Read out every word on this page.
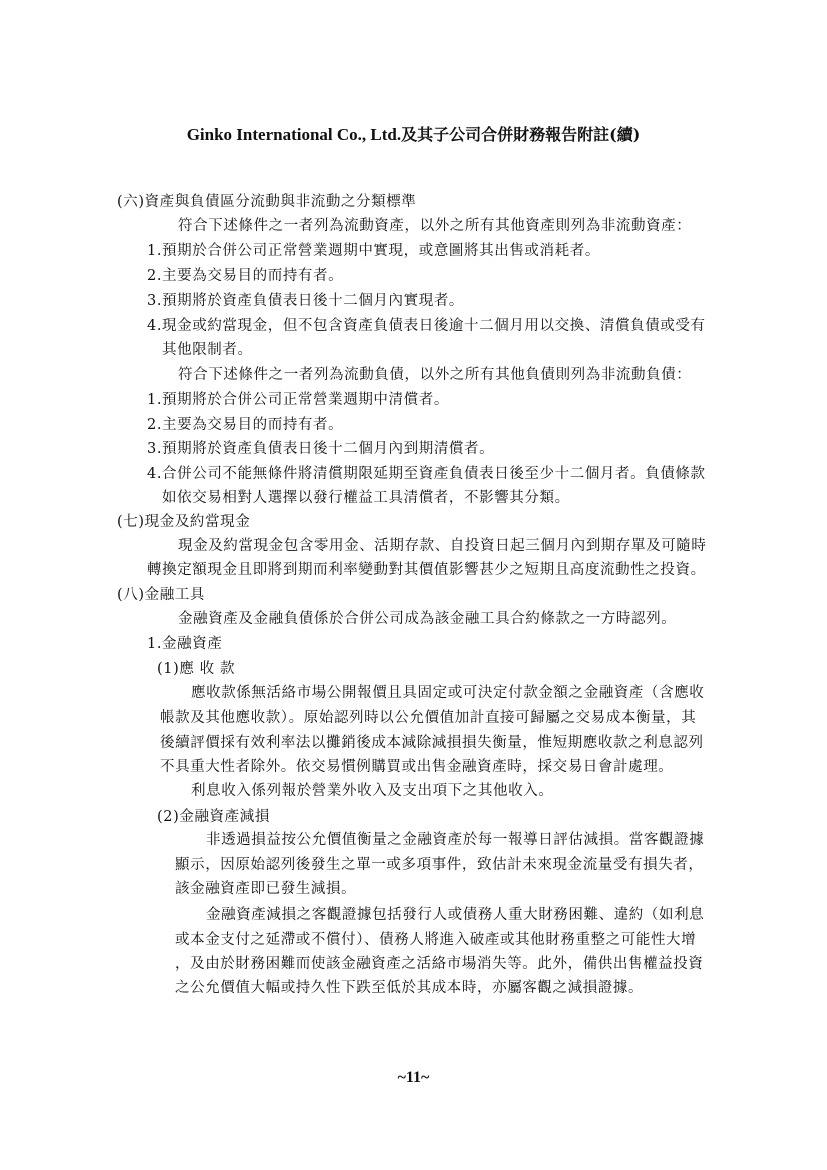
Ginko International Co., Ltd.及其子公司合併財務報告附註(續)
(六)資產與負債區分流動與非流動之分類標準
符合下述條件之一者列為流動資產，以外之所有其他資產則列為非流動資產：
1.預期於合併公司正常營業週期中實現，或意圖將其出售或消耗者。
2.主要為交易目的而持有者。
3.預期將於資產負債表日後十二個月內實現者。
4.現金或約當現金，但不包含資產負債表日後逾十二個月用以交換、清償負債或受有
其他限制者。
符合下述條件之一者列為流動負債，以外之所有其他負債則列為非流動負債：
1.預期將於合併公司正常營業週期中清償者。
2.主要為交易目的而持有者。
3.預期將於資產負債表日後十二個月內到期清償者。
4.合併公司不能無條件將清償期限延期至資產負債表日後至少十二個月者。負債條款
如依交易相對人選擇以發行權益工具清償者，不影響其分類。
(七)現金及約當現金
現金及約當現金包含零用金、活期存款、自投資日起三個月內到期存單及可隨時
轉換定額現金且即將到期而利率變動對其價值影響甚少之短期且高度流動性之投資。
(八)金融工具
金融資產及金融負債係於合併公司成為該金融工具合約條款之一方時認列。
1.金融資產
(1)應 收 款
應收款係無活絡市場公開報價且具固定或可決定付款金額之金融資產（含應收
帳款及其他應收款）。原始認列時以公允價值加計直接可歸屬之交易成本衡量，其
後續評價採有效利率法以攤銷後成本減除減損損失衡量，惟短期應收款之利息認列
不具重大性者除外。依交易慣例購買或出售金融資產時，採交易日會計處理。
利息收入係列報於營業外收入及支出項下之其他收入。
(2)金融資產減損
非透過損益按公允價值衡量之金融資產於每一報導日評估減損。當客觀證據
顯示，因原始認列後發生之單一或多項事件，致估計未來現金流量受有損失者，
該金融資產即已發生減損。
金融資產減損之客觀證據包括發行人或債務人重大財務困難、違約（如利息
或本金支付之延滯或不償付）、債務人將進入破產或其他財務重整之可能性大增
，及由於財務困難而使該金融資產之活絡市場消失等。此外，備供出售權益投資
之公允價值大幅或持久性下跌至低於其成本時，亦屬客觀之減損證據。
~11~
